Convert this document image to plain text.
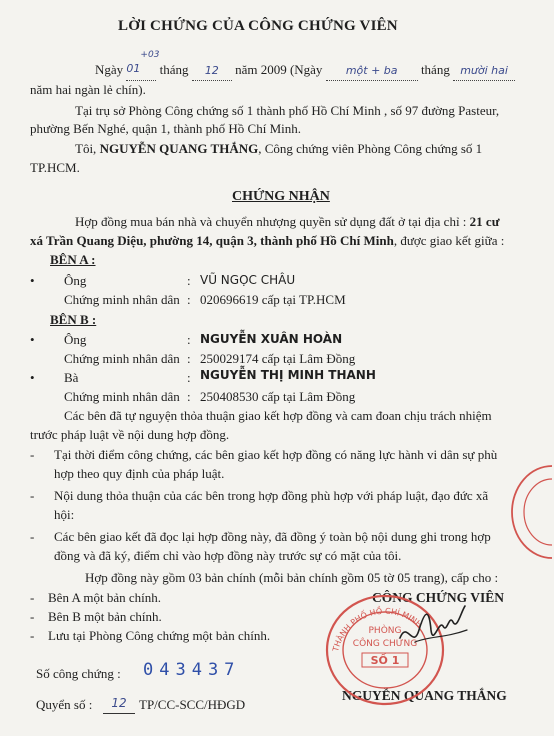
LỜI CHỨNG CỦA CÔNG CHỨNG VIÊN
Ngày 01
+03
tháng 12 năm 2009 (Ngày một + ba tháng mười hai
năm hai ngàn lẻ chín).
Tại trụ sở Phòng Công chứng số 1 thành phố Hồ Chí Minh , số 97 đường Pasteur,
phường Bến Nghé, quận 1, thành phố Hồ Chí Minh.
Tôi, NGUYỄN QUANG THẮNG, Công chứng viên Phòng Công chứng số 1
TP.HCM.
CHỨNG NHẬN
Hợp đồng mua bán nhà và chuyển nhượng quyền sử dụng đất ở tại địa chỉ : 21 cư
xá Trần Quang Diệu, phường 14, quận 3, thành phố Hồ Chí Minh, được giao kết giữa :
BÊN A :
• Ông	: VŨ NGỌC CHÂU
Chứng minh nhân dân : 020696619 cấp tại TP.HCM
BÊN B :
• Ông	: NGUYỄN XUÂN HOÀN
Chứng minh nhân dân : 250029174 cấp tại Lâm Đồng
• Bà	: NGUYỄN THỊ MINH THANH
Chứng minh nhân dân : 250408530 cấp tại Lâm Đồng
Các bên đã tự nguyện thỏa thuận giao kết hợp đồng và cam đoan chịu trách nhiệm
trước pháp luật về nội dung hợp đồng.
- Tại thời điểm công chứng, các bên giao kết hợp đồng có năng lực hành vi dân sự phù
hợp theo quy định của pháp luật.
- Nội dung thỏa thuận của các bên trong hợp đồng phù hợp với pháp luật, đạo đức xã
hội:
- Các bên giao kết đã đọc lại hợp đồng này, đã đồng ý toàn bộ nội dung ghi trong hợp
đồng và đã ký, điểm chỉ vào hợp đồng này trước sự có mặt của tôi.
Hợp đồng này gồm 03 bản chính (mỗi bản chính gồm 05 tờ 05 trang), cấp cho :
- Bên A một bản chính.
- Bên B một bản chính.
- Lưu tại Phòng Công chứng một bản chính.
Số công chứng : 043437
Quyển số :	12 TP/CC-SCC/HĐGD
CÔNG CHỨNG VIÊN
NGUYỄN QUANG THẮNG
THÀNH PHỐ HỒ CHÍ MINH
PHÒNG
CÔNG CHỨNG
SỐ 1
